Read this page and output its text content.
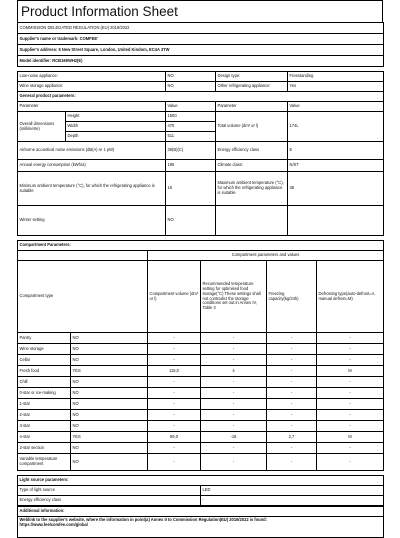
Product Information Sheet
COMMISSION DELEGATED REGULATION (EU) 2019/2022
Supplier's name or trademark: COMFEE'
Supplier's address: 5 New Street Square, London, United Kindom, EC4A 3TW
Model identifier: RCB169WH2(E)
Low-noise appliance:		NO	Design type:	Freestanding
Wine storage appliance:		NO	Other refrigerating appliance:	Yes
General product parameters:				
Parameter		Value	Parameter	Value
Overall dimensions (millimetre)	Height	1500	Total volume (dm³ or l)	174L
	Width	470		
	Depth	511		
Airborne acoustical noise emissions (dB(A) re 1 pW)		39(B)(C)	Energy efficiency class	E
Annual energy consumption (kWh/a)		195	Climate class:	N/ST
Minimum ambient temperature (°C), for which the refrigerating appliance is suitable		16	Maximum ambient temperature (°C), for which the refrigerating appliance is suitable	38
Winter setting		NO		
Compartment Parameters:					
		Compartment parameters and values			
Compartment type		Compartment volume (dm³ or l)	Recommended temperature setting for optimised food storage(°C) These settings shall not contradict the storage conditions set out in Annex IV, Table 3	Freezing capacity(kg/24h)	Defrosting type(auto-defrost=A, manual defrost=M)
Pantry	NO	-	-	-	-
Wine storage	NO	-	-	-	-
Cellar	NO	-	-	-	-
Fresh food	YES	115,0	4	-	M
Chill	NO	-	-	-	-
0-star or ice-making	NO	-	-	-	-
1-star	NO	-	-	-	-
2-star	NO	-	-	-	-
3-star	NO	-	-	-	-
4-star	YES	59,0	-18	2,7	M
2-star section	NO	-	-	-	-
Variable temperature compartment	NO	-	-	-	-
Light source parameters:	
Type of light source	LED
Energy efficiency class	-
Additional information:
Weblink to the supplier's website, where the information in point(a) Annex II to Commission Regulation(EU) 2019/2022 is found:
https://www.feelcomfee.com/global
